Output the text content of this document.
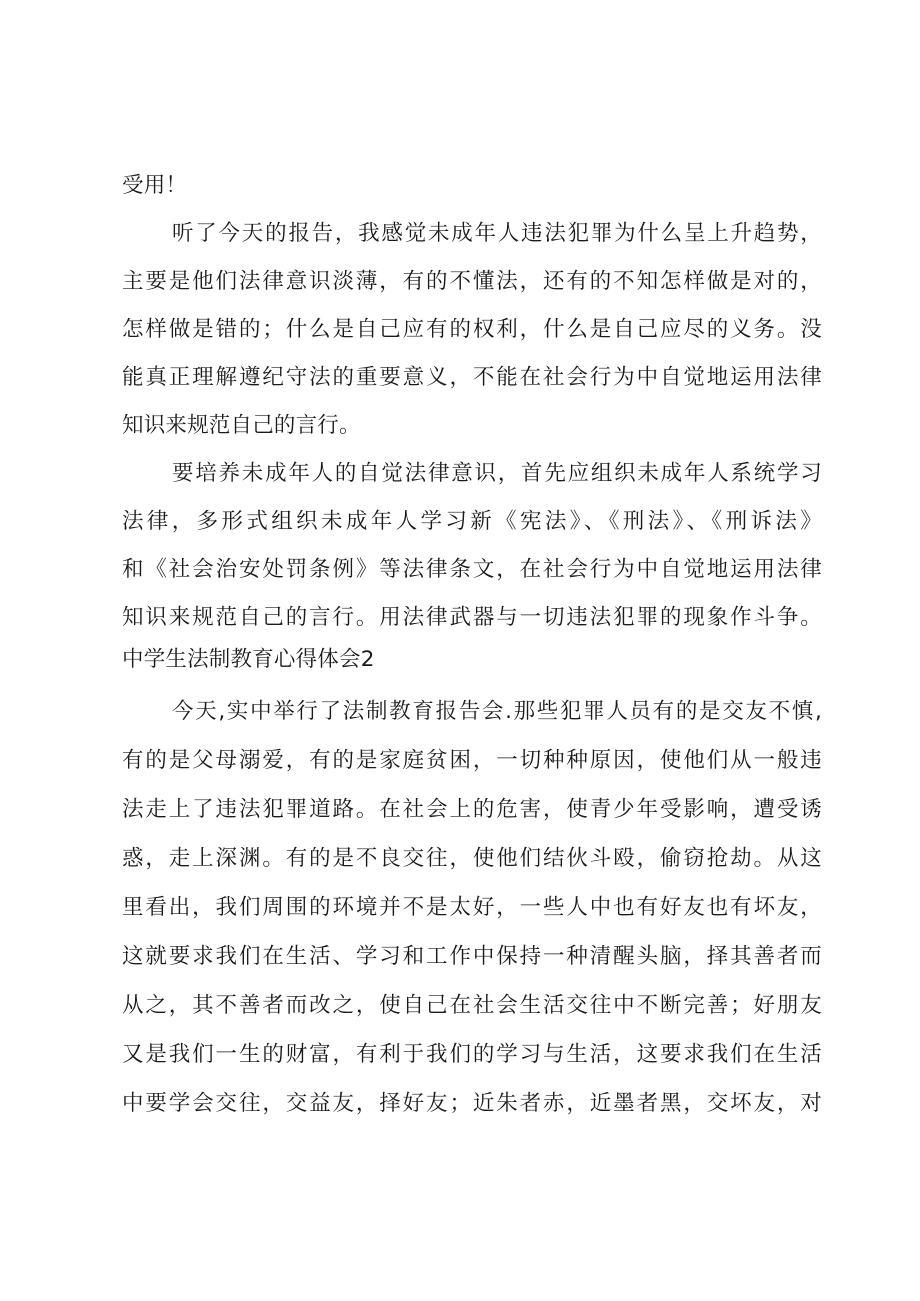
受用！
听了今天的报告，我感觉未成年人违法犯罪为什么呈上升趋势，
主要是他们法律意识淡薄，有的不懂法，还有的不知怎样做是对的，
怎样做是错的；什么是自己应有的权利，什么是自己应尽的义务。没
能真正理解遵纪守法的重要意义，不能在社会行为中自觉地运用法律
知识来规范自己的言行。
要培养未成年人的自觉法律意识，首先应组织未成年人系统学习
法律，多形式组织未成年人学习新《宪法》、《刑法》、《刑诉法》
和《社会治安处罚条例》等法律条文，在社会行为中自觉地运用法律
知识来规范自己的言行。用法律武器与一切违法犯罪的现象作斗争。
中学生法制教育心得体会2
今天,实中举行了法制教育报告会.那些犯罪人员有的是交友不慎,
有的是父母溺爱，有的是家庭贫困，一切种种原因，使他们从一般违
法走上了违法犯罪道路。在社会上的危害，使青少年受影响，遭受诱
惑，走上深渊。有的是不良交往，使他们结伙斗殴，偷窃抢劫。从这
里看出，我们周围的环境并不是太好，一些人中也有好友也有坏友，
这就要求我们在生活、学习和工作中保持一种清醒头脑，择其善者而
从之，其不善者而改之，使自己在社会生活交往中不断完善；好朋友
又是我们一生的财富，有利于我们的学习与生活，这要求我们在生活
中要学会交往，交益友，择好友；近朱者赤，近墨者黑，交坏友，对
